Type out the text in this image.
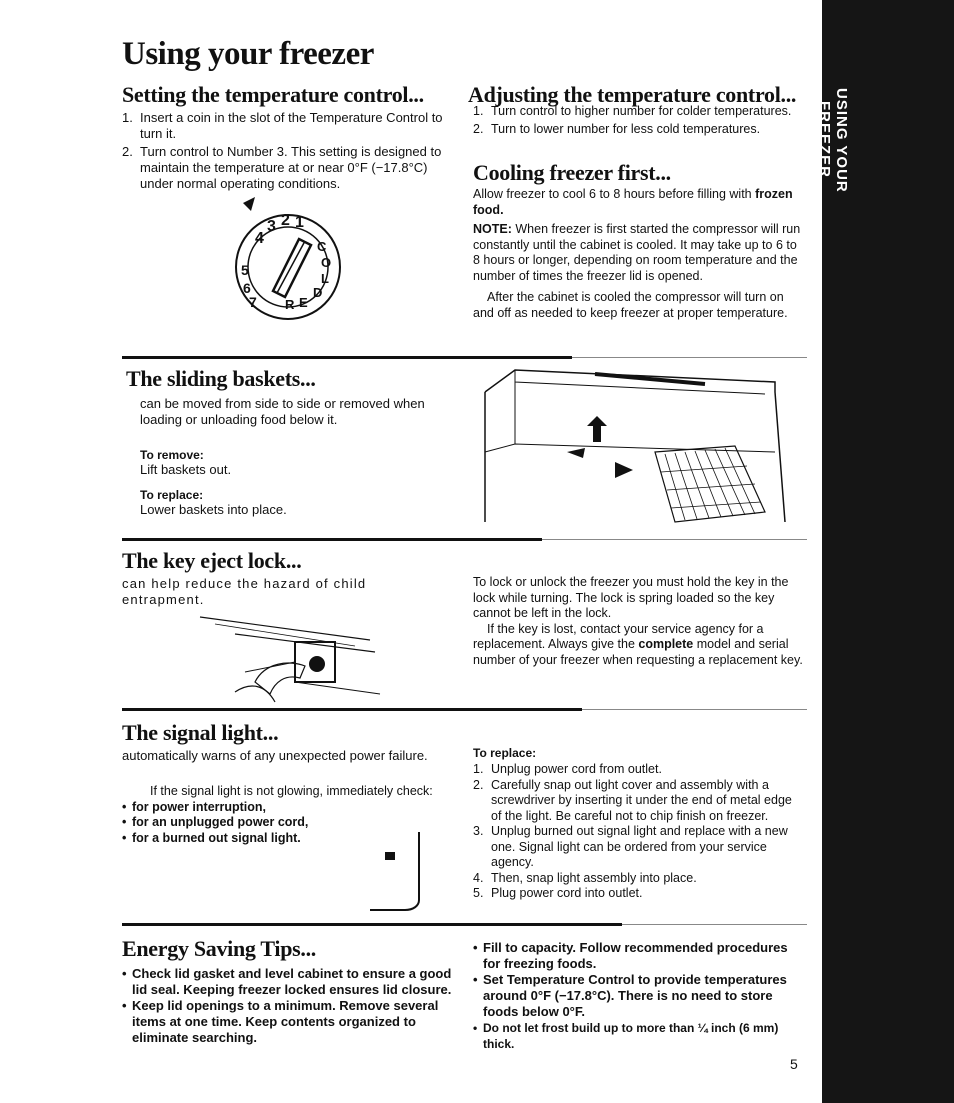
USING YOUR FREEZER
Using your freezer
Setting the temperature control...
1. Insert a coin in the slot of the Temperature Control to turn it.
2. Turn control to Number 3. This setting is designed to maintain the temperature at or near 0°F (−17.8°C) under normal operating conditions.
4
3 2 1
5
6
7
C
O
L
D
E
R
Adjusting the temperature control...
1. Turn control to higher number for colder temperatures.
2. Turn to lower number for less cold temperatures.
Cooling freezer first...
Allow freezer to cool 6 to 8 hours before filling with frozen food.
NOTE: When freezer is first started the compressor will run constantly until the cabinet is cooled. It may take up to 6 to 8 hours or longer, depending on room temperature and the number of times the freezer lid is opened.
After the cabinet is cooled the compressor will turn on and off as needed to keep freezer at proper temperature.
The sliding baskets...
can be moved from side to side or removed when loading or unloading food below it.
To remove:
Lift baskets out.
To replace:
Lower baskets into place.
The key eject lock...
can help reduce the hazard of child entrapment.
To lock or unlock the freezer you must hold the key in the lock while turning. The lock is spring loaded so the key cannot be left in the lock.
If the key is lost, contact your service agency for a replacement. Always give the complete model and serial number of your freezer when requesting a replacement key.
The signal light...
automatically warns of any unexpected power failure.
If the signal light is not glowing, immediately check:
• for power interruption,
• for an unplugged power cord,
• for a burned out signal light.
To replace:
1. Unplug power cord from outlet.
2. Carefully snap out light cover and assembly with a screwdriver by inserting it under the end of metal edge of the light. Be careful not to chip finish on freezer.
3. Unplug burned out signal light and replace with a new one. Signal light can be ordered from your service agency.
4. Then, snap light assembly into place.
5. Plug power cord into outlet.
Energy Saving Tips...
• Check lid gasket and level cabinet to ensure a good lid seal. Keeping freezer locked ensures lid closure.
• Keep lid openings to a minimum. Remove several items at one time. Keep contents organized to eliminate searching.
• Fill to capacity. Follow recommended procedures for freezing foods.
• Set Temperature Control to provide temperatures around 0°F (−17.8°C). There is no need to store foods below 0°F.
• Do not let frost build up to more than ¼ inch (6 mm) thick.
5
